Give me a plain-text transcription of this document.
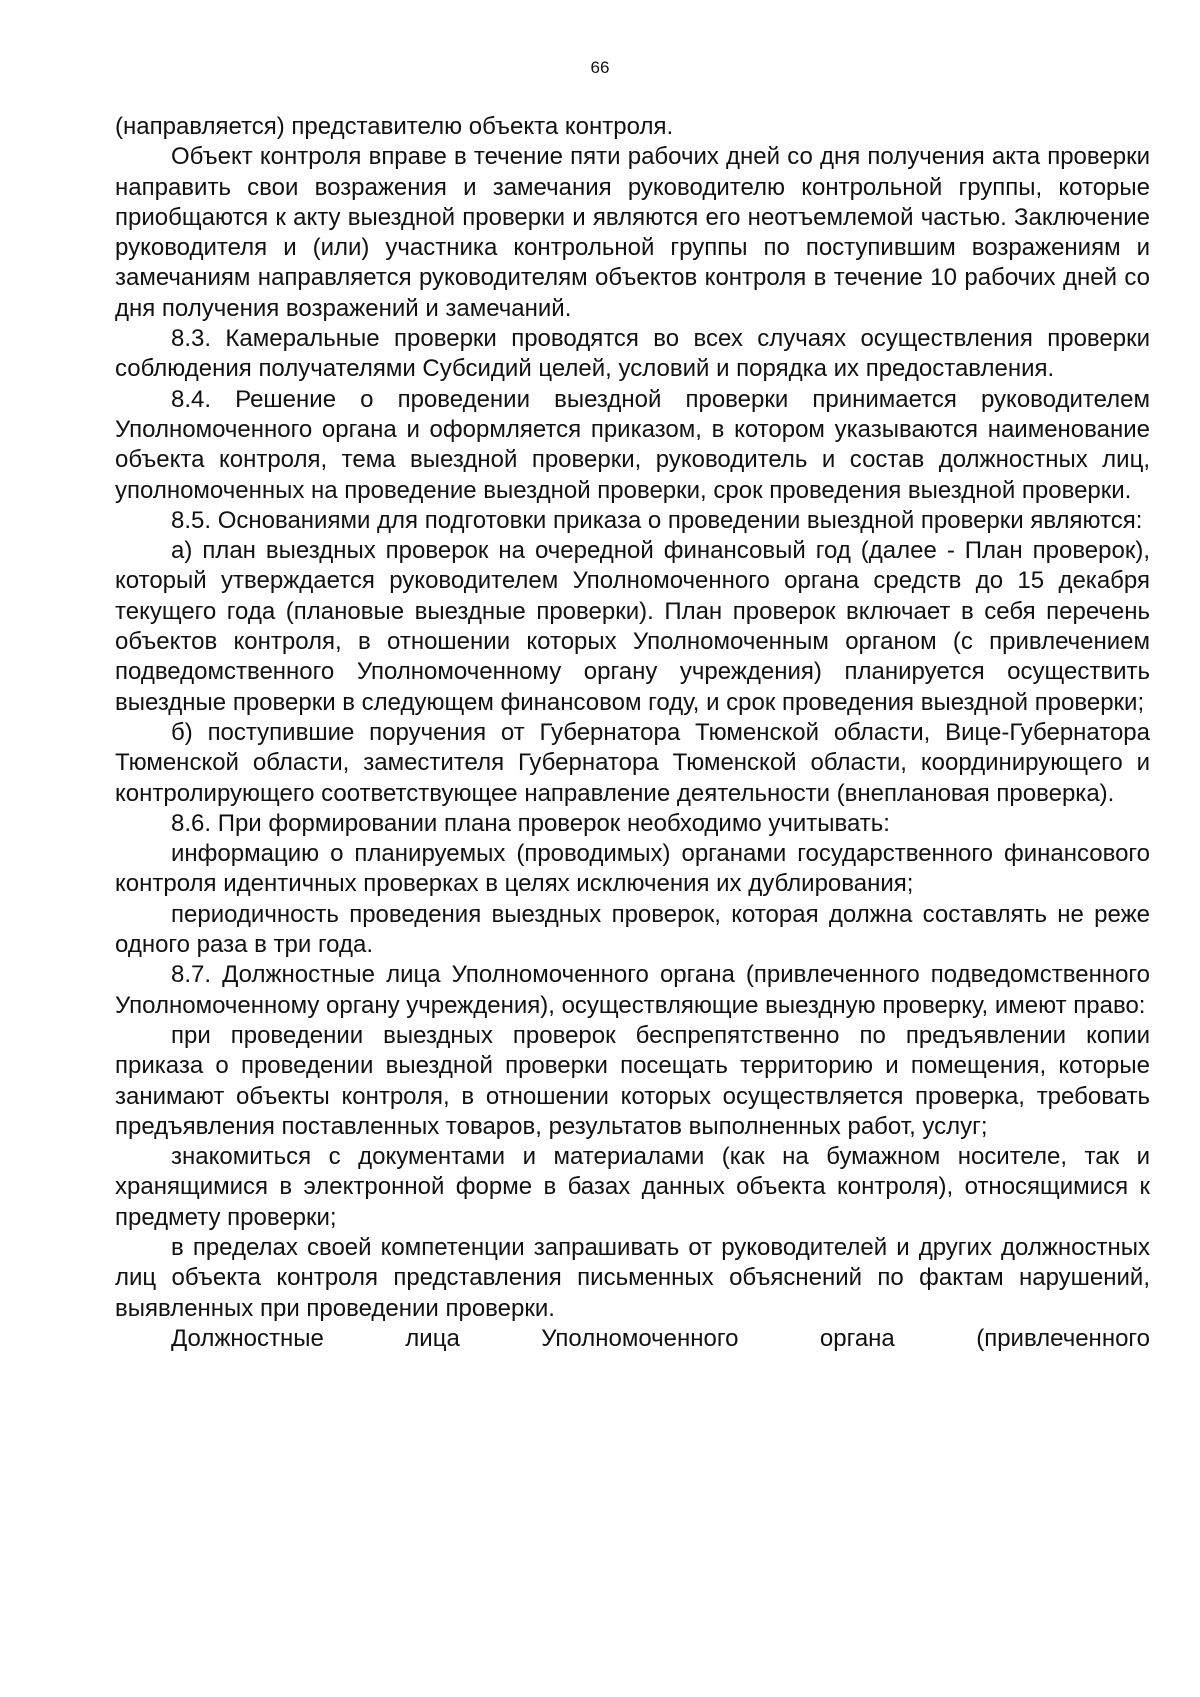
66

(направляется) представителю объекта контроля.

Объект контроля вправе в течение пяти рабочих дней со дня получения акта проверки направить свои возражения и замечания руководителю контрольной группы, которые приобщаются к акту выездной проверки и являются его неотъемлемой частью. Заключение руководителя и (или) участника контрольной группы по поступившим возражениям и замечаниям направляется руководителям объектов контроля в течение 10 рабочих дней со дня получения возражений и замечаний.

8.3. Камеральные проверки проводятся во всех случаях осуществления проверки соблюдения получателями Субсидий целей, условий и порядка их предоставления.

8.4. Решение о проведении выездной проверки принимается руководителем Уполномоченного органа и оформляется приказом, в котором указываются наименование объекта контроля, тема выездной проверки, руководитель и состав должностных лиц, уполномоченных на проведение выездной проверки, срок проведения выездной проверки.

8.5. Основаниями для подготовки приказа о проведении выездной проверки являются:

а) план выездных проверок на очередной финансовый год (далее - План проверок), который утверждается руководителем Уполномоченного органа средств до 15 декабря текущего года (плановые выездные проверки). План проверок включает в себя перечень объектов контроля, в отношении которых Уполномоченным органом (с привлечением подведомственного Уполномоченному органу учреждения) планируется осуществить выездные проверки в следующем финансовом году, и срок проведения выездной проверки;

б) поступившие поручения от Губернатора Тюменской области, Вице-Губернатора Тюменской области, заместителя Губернатора Тюменской области, координирующего и контролирующего соответствующее направление деятельности (внеплановая проверка).

8.6. При формировании плана проверок необходимо учитывать:

информацию о планируемых (проводимых) органами государственного финансового контроля идентичных проверках в целях исключения их дублирования;

периодичность проведения выездных проверок, которая должна составлять не реже одного раза в три года.

8.7. Должностные лица Уполномоченного органа (привлеченного подведомственного Уполномоченному органу учреждения), осуществляющие выездную проверку, имеют право:

при проведении выездных проверок беспрепятственно по предъявлении копии приказа о проведении выездной проверки посещать территорию и помещения, которые занимают объекты контроля, в отношении которых осуществляется проверка, требовать предъявления поставленных товаров, результатов выполненных работ, услуг;

знакомиться с документами и материалами (как на бумажном носителе, так и хранящимися в электронной форме в базах данных объекта контроля), относящимися к предмету проверки;

в пределах своей компетенции запрашивать от руководителей и других должностных лиц объекта контроля представления письменных объяснений по фактам нарушений, выявленных при проведении проверки.

Должностные лица Уполномоченного органа (привлеченного
